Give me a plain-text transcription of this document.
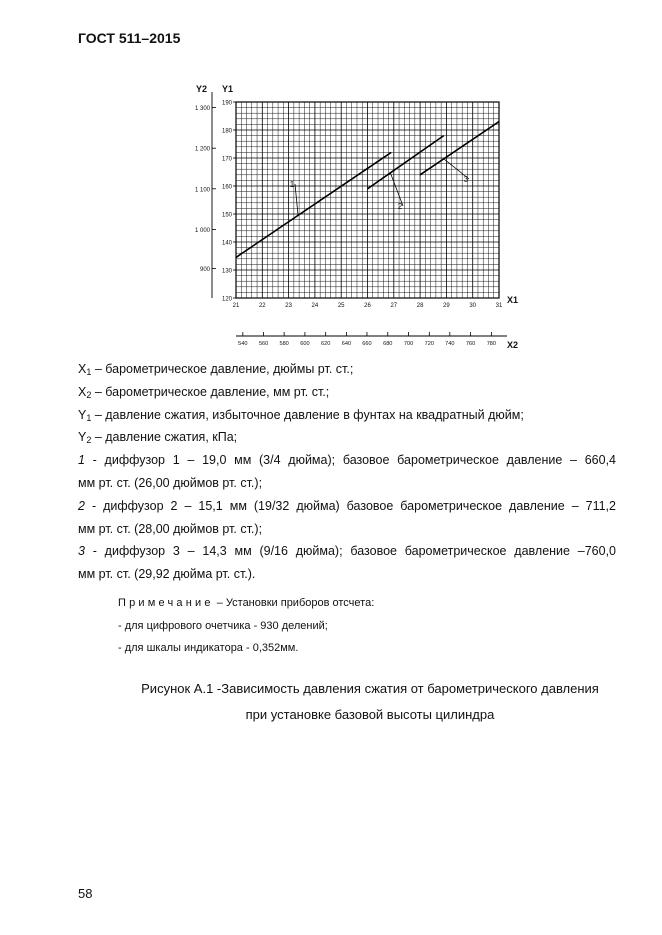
ГОСТ 511–2015
120
130
140
150
160
170
180
190
900
1 000
1 100
1 200
1 300
21	22	23	24	25	26	27	28	29	30	31
540 560 580 600 620 640 660 680 700 720 740 760 780
1
2
3
Y2 Y1
X1
X2
$X_1$ – барометрическое давление, дюймы рт. ст.;
$X_2$ – барометрическое давление, мм рт. ст.;
$Y_1$ – давление сжатия, избыточное давление в фунтах на квадратный дюйм;
$Y_2$ – давление сжатия, кПа;
1 - диффузор 1 – 19,0 мм (3/4 дюйма); базовое барометрическое давление – 660,4
мм рт. ст. (26,00 дюймов рт. ст.);
2 - диффузор 2 – 15,1 мм (19/32 дюйма) базовое барометрическое давление – 711,2
мм рт. ст. (28,00 дюймов рт. ст.);
3 - диффузор 3 – 14,3 мм (9/16 дюйма); базовое барометрическое давление –760,0
мм рт. ст. (29,92 дюйма рт. ст.).
Примечание – Установки приборов отсчета:
- для цифрового очетчика - 930 делений;
- для шкалы индикатора - 0,352мм.
Рисунок А.1 -Зависимость давления сжатия от барометрического давления
при установке базовой высоты цилиндра
58
